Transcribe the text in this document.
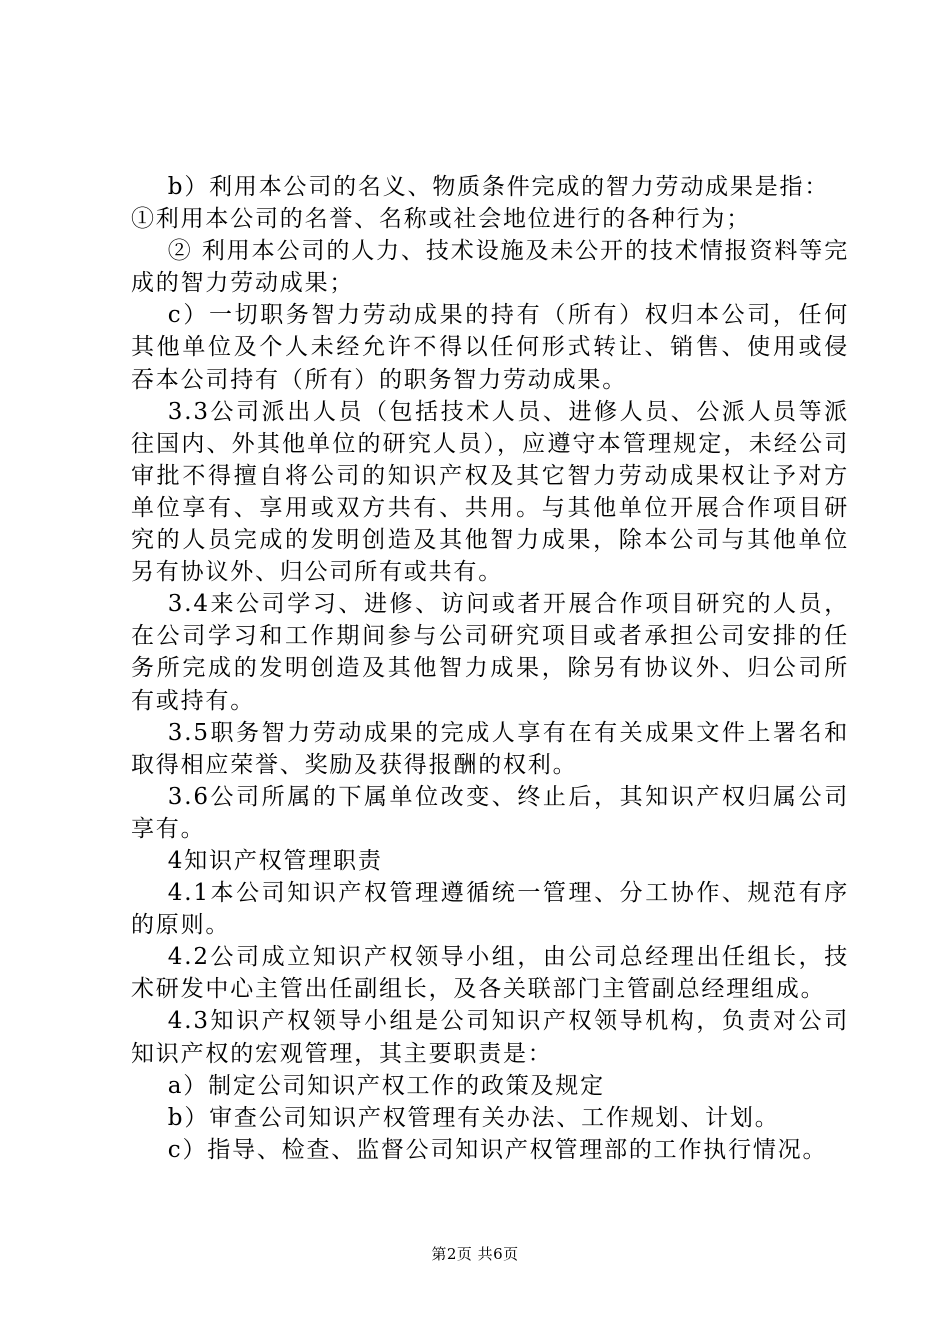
b）利用本公司的名义、物质条件完成的智力劳动成果是指：

①利用本公司的名誉、名称或社会地位进行的各种行为；

② 利用本公司的人力、技术设施及未公开的技术情报资料等完成的智力劳动成果；

c）一切职务智力劳动成果的持有（所有）权归本公司，任何其他单位及个人未经允许不得以任何形式转让、销售、使用或侵吞本公司持有（所有）的职务智力劳动成果。

3.3公司派出人员（包括技术人员、进修人员、公派人员等派往国内、外其他单位的研究人员），应遵守本管理规定，未经公司审批不得擅自将公司的知识产权及其它智力劳动成果权让予对方单位享有、享用或双方共有、共用。与其他单位开展合作项目研究的人员完成的发明创造及其他智力成果，除本公司与其他单位另有协议外、归公司所有或共有。

3.4来公司学习、进修、访问或者开展合作项目研究的人员，在公司学习和工作期间参与公司研究项目或者承担公司安排的任务所完成的发明创造及其他智力成果，除另有协议外、归公司所有或持有。

3.5职务智力劳动成果的完成人享有在有关成果文件上署名和取得相应荣誉、奖励及获得报酬的权利。

3.6公司所属的下属单位改变、终止后，其知识产权归属公司享有。

4知识产权管理职责

4.1本公司知识产权管理遵循统一管理、分工协作、规范有序的原则。

4.2公司成立知识产权领导小组，由公司总经理出任组长，技术研发中心主管出任副组长，及各关联部门主管副总经理组成。

4.3知识产权领导小组是公司知识产权领导机构，负责对公司知识产权的宏观管理，其主要职责是：

a）制定公司知识产权工作的政策及规定

b）审查公司知识产权管理有关办法、工作规划、计划。

c）指导、检查、监督公司知识产权管理部的工作执行情况。

第2页 共6页
